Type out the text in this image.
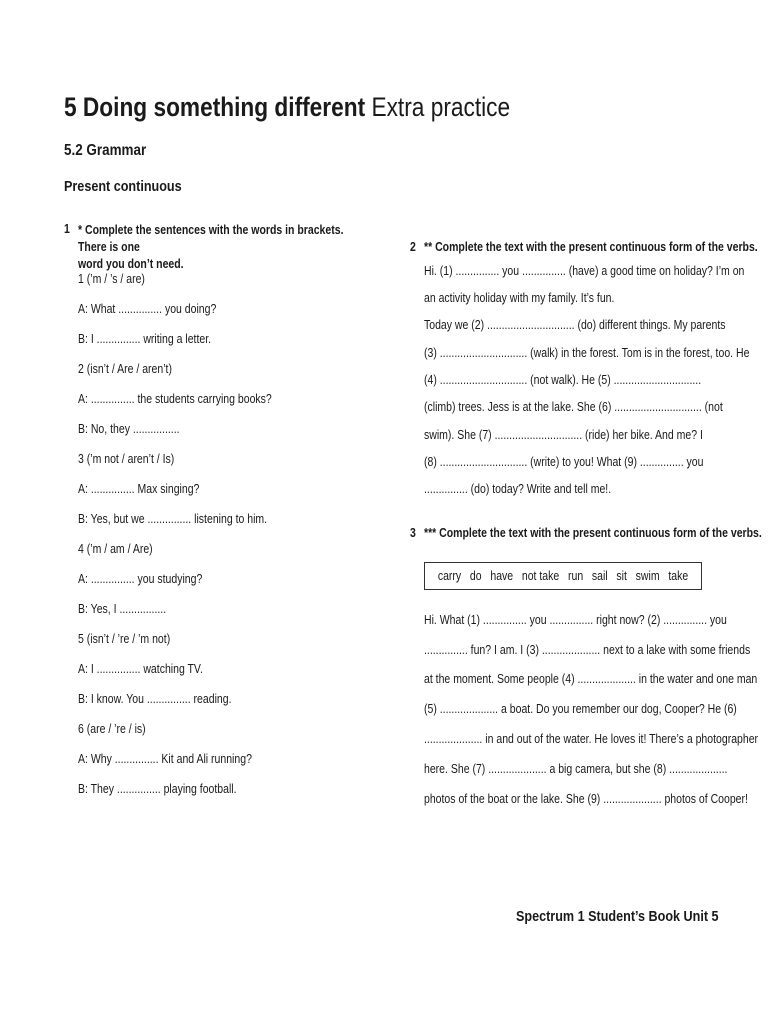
5 Doing something different Extra practice
5.2 Grammar
Present continuous
1 * Complete the sentences with the words in brackets. There is one
word you don’t need.
1 (’m / ’s / are)
A: What ............... you doing?
B: I ............... writing a letter.
2 (isn’t / Are / aren’t)
A: ............... the students carrying books?
B: No, they ................
3 (’m not / aren’t / Is)
A: ............... Max singing?
B: Yes, but we ............... listening to him.
4 (’m / am / Are)
A: ............... you studying?
B: Yes, I ................
5 (isn’t / ’re / ’m not)
A: I ............... watching TV.
B: I know. You ............... reading.
6 (are / ’re / is)
A: Why ............... Kit and Ali running?
B: They ............... playing football.
2 ** Complete the text with the present continuous form of the verbs.
Hi. (1) ............... you ............... (have) a good time on holiday? I’m on
an activity holiday with my family. It’s fun.
Today we (2) .............................. (do) different things. My parents
(3) .............................. (walk) in the forest. Tom is in the forest, too. He
(4) .............................. (not walk). He (5) ..............................
(climb) trees. Jess is at the lake. She (6) .............................. (not
swim). She (7) .............................. (ride) her bike. And me? I
(8) .............................. (write) to you! What (9) ............... you
............... (do) today? Write and tell me!.
3 *** Complete the text with the present continuous form of the verbs.
carry   do   have   not take   run   sail   sit   swim   take
Hi. What (1) ............... you ............... right now? (2) ............... you
............... fun? I am. I (3) .................... next to a lake with some friends
at the moment. Some people (4) .................... in the water and one man
(5) .................... a boat. Do you remember our dog, Cooper? He (6)
.................... in and out of the water. He loves it! There’s a photographer
here. She (7) .................... a big camera, but she (8) ....................
photos of the boat or the lake. She (9) .................... photos of Cooper!
Spectrum 1 Student’s Book Unit 5
